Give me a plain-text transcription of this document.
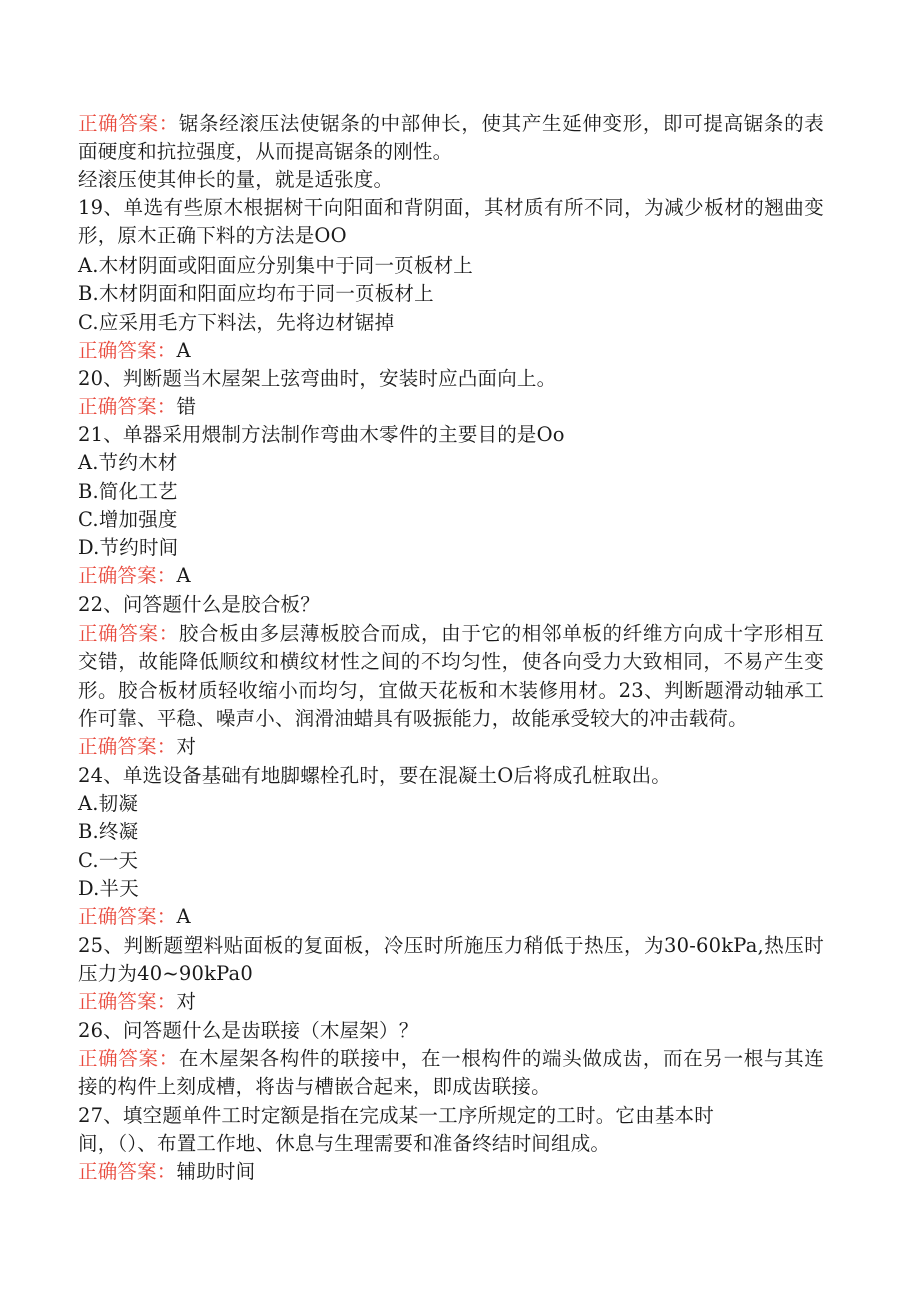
正确答案：锯条经滚压法使锯条的中部伸长，使其产生延伸变形，即可提高锯条的表
面硬度和抗拉强度，从而提高锯条的刚性。
经滚压使其伸长的量，就是适张度。
19、单选有些原木根据树干向阳面和背阴面，其材质有所不同，为减少板材的翘曲变
形，原木正确下料的方法是OO
A.木材阴面或阳面应分别集中于同一页板材上
B.木材阴面和阳面应均布于同一页板材上
C.应采用毛方下料法，先将边材锯掉
正确答案：A
20、判断题当木屋架上弦弯曲时，安装时应凸面向上。
正确答案：错
21、单器采用煨制方法制作弯曲木零件的主要目的是Oo
A.节约木材
B.简化工艺
C.增加强度
D.节约时间
正确答案：A
22、问答题什么是胶合板？
正确答案：胶合板由多层薄板胶合而成，由于它的相邻单板的纤维方向成十字形相互
交错，故能降低顺纹和横纹材性之间的不均匀性，使各向受力大致相同，不易产生变
形。胶合板材质轻收缩小而均匀，宜做天花板和木装修用材。23、判断题滑动轴承工
作可靠、平稳、噪声小、润滑油蜡具有吸振能力，故能承受较大的冲击载荷。
正确答案：对
24、单选设备基础有地脚螺栓孔时，要在混凝土O后将成孔桩取出。
A.韧凝
B.终凝
C.一天
D.半天
正确答案：A
25、判断题塑料贴面板的复面板，冷压时所施压力稍低于热压，为30-60kPa,热压时
压力为40~90kPa0
正确答案：对
26、问答题什么是齿联接（木屋架）？
正确答案：在木屋架各构件的联接中，在一根构件的端头做成齿，而在另一根与其连
接的构件上刻成槽，将齿与槽嵌合起来，即成齿联接。
27、填空题单件工时定额是指在完成某一工序所规定的工时。它由基本时
间，（）、布置工作地、休息与生理需要和准备终结时间组成。
正确答案：辅助时间
